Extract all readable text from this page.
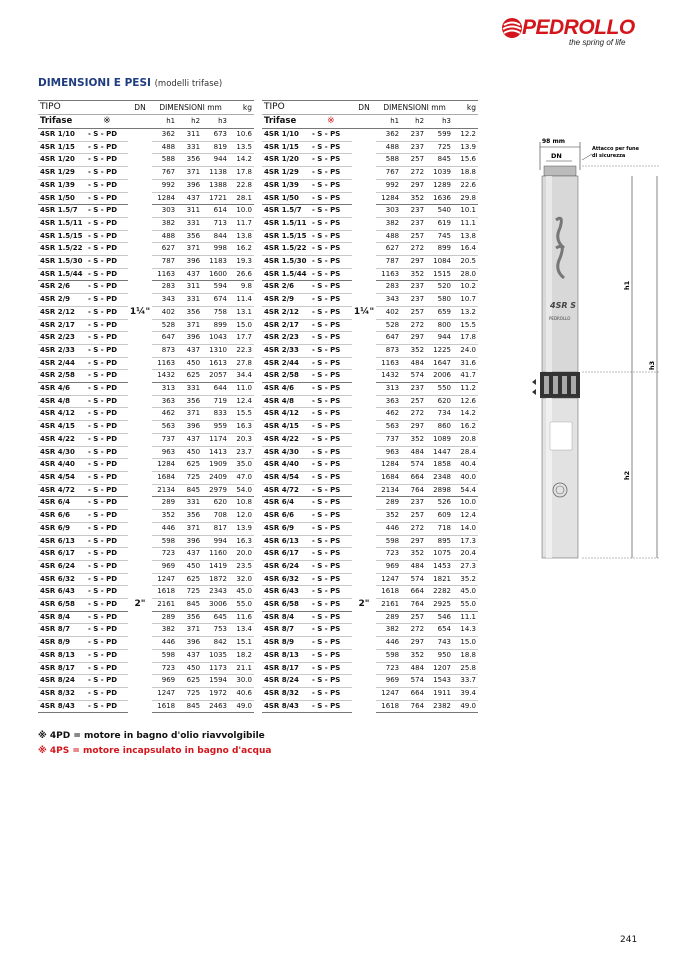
PEDROLLO
the spring of life
DIMENSIONI E PESI (modelli trifase)
TIPO		DN	DIMENSIONI mm			kg
Trifase	※		h1	h2	h3	
4SR 1/10	- S - PD		362	311	673	10.6
4SR 1/15	- S - PD		488	331	819	13.5
4SR 1/20	- S - PD		588	356	944	14.2
4SR 1/29	- S - PD		767	371	1138	17.8
4SR 1/39	- S - PD		992	396	1388	22.8
4SR 1/50	- S - PD		1284	437	1721	28.1
4SR 1.5/7	- S - PD		303	311	614	10.0
4SR 1.5/11	- S - PD		382	331	713	11.7
4SR 1.5/15	- S - PD		488	356	844	13.8
4SR 1.5/22	- S - PD		627	371	998	16.2
4SR 1.5/30	- S - PD		787	396	1183	19.3
4SR 1.5/44	- S - PD		1163	437	1600	26.6
4SR 2/6	- S - PD		283	311	594	9.8
4SR 2/9	- S - PD		343	331	674	11.4
4SR 2/12	- S - PD	1¼"	402	356	758	13.1
4SR 2/17	- S - PD		528	371	899	15.0
4SR 2/23	- S - PD		647	396	1043	17.7
4SR 2/33	- S - PD		873	437	1310	22.3
4SR 2/44	- S - PD		1163	450	1613	27.8
4SR 2/58	- S - PD		1432	625	2057	34.4
4SR 4/6	- S - PD		313	331	644	11.0
4SR 4/8	- S - PD		363	356	719	12.4
4SR 4/12	- S - PD		462	371	833	15.5
4SR 4/15	- S - PD		563	396	959	16.3
4SR 4/22	- S - PD		737	437	1174	20.3
4SR 4/30	- S - PD		963	450	1413	23.7
4SR 4/40	- S - PD		1284	625	1909	35.0
4SR 4/54	- S - PD		1684	725	2409	47.0
4SR 4/72	- S - PD		2134	845	2979	54.0
4SR 6/4	- S - PD		289	331	620	10.8
4SR 6/6	- S - PD		352	356	708	12.0
4SR 6/9	- S - PD		446	371	817	13.9
4SR 6/13	- S - PD		598	396	994	16.3
4SR 6/17	- S - PD		723	437	1160	20.0
4SR 6/24	- S - PD		969	450	1419	23.5
4SR 6/32	- S - PD		1247	625	1872	32.0
4SR 6/43	- S - PD		1618	725	2343	45.0
4SR 6/58	- S - PD	2"	2161	845	3006	55.0
4SR 8/4	- S - PD		289	356	645	11.6
4SR 8/7	- S - PD		382	371	753	13.4
4SR 8/9	- S - PD		446	396	842	15.1
4SR 8/13	- S - PD		598	437	1035	18.2
4SR 8/17	- S - PD		723	450	1173	21.1
4SR 8/24	- S - PD		969	625	1594	30.0
4SR 8/32	- S - PD		1247	725	1972	40.6
4SR 8/43	- S - PD		1618	845	2463	49.0
TIPO		DN	DIMENSIONI mm			kg
Trifase	※		h1	h2	h3	
4SR 1/10	- S - PS		362	237	599	12.2
4SR 1/15	- S - PS		488	237	725	13.9
4SR 1/20	- S - PS		588	257	845	15.6
4SR 1/29	- S - PS		767	272	1039	18.8
4SR 1/39	- S - PS		992	297	1289	22.6
4SR 1/50	- S - PS		1284	352	1636	29.8
4SR 1.5/7	- S - PS		303	237	540	10.1
4SR 1.5/11	- S - PS		382	237	619	11.1
4SR 1.5/15	- S - PS		488	257	745	13.8
4SR 1.5/22	- S - PS		627	272	899	16.4
4SR 1.5/30	- S - PS		787	297	1084	20.5
4SR 1.5/44	- S - PS		1163	352	1515	28.0
4SR 2/6	- S - PS		283	237	520	10.2
4SR 2/9	- S - PS		343	237	580	10.7
4SR 2/12	- S - PS	1¼"	402	257	659	13.2
4SR 2/17	- S - PS		528	272	800	15.5
4SR 2/23	- S - PS		647	297	944	17.8
4SR 2/33	- S - PS		873	352	1225	24.0
4SR 2/44	- S - PS		1163	484	1647	31.6
4SR 2/58	- S - PS		1432	574	2006	41.7
4SR 4/6	- S - PS		313	237	550	11.2
4SR 4/8	- S - PS		363	257	620	12.6
4SR 4/12	- S - PS		462	272	734	14.2
4SR 4/15	- S - PS		563	297	860	16.2
4SR 4/22	- S - PS		737	352	1089	20.8
4SR 4/30	- S - PS		963	484	1447	28.4
4SR 4/40	- S - PS		1284	574	1858	40.4
4SR 4/54	- S - PS		1684	664	2348	40.0
4SR 4/72	- S - PS		2134	764	2898	54.4
4SR 6/4	- S - PS		289	237	526	10.0
4SR 6/6	- S - PS		352	257	609	12.4
4SR 6/9	- S - PS		446	272	718	14.0
4SR 6/13	- S - PS		598	297	895	17.3
4SR 6/17	- S - PS		723	352	1075	20.4
4SR 6/24	- S - PS		969	484	1453	27.3
4SR 6/32	- S - PS		1247	574	1821	35.2
4SR 6/43	- S - PS		1618	664	2282	45.0
4SR 6/58	- S - PS	2"	2161	764	2925	55.0
4SR 8/4	- S - PS		289	257	546	11.1
4SR 8/7	- S - PS		382	272	654	14.3
4SR 8/9	- S - PS		446	297	743	15.0
4SR 8/13	- S - PS		598	352	950	18.8
4SR 8/17	- S - PS		723	484	1207	25.8
4SR 8/24	- S - PS		969	574	1543	33.7
4SR 8/32	- S - PS		1247	664	1911	39.4
4SR 8/43	- S - PS		1618	764	2382	49.0
98 mm
DN
Attacco per fune
di sicurezza
4SR S
PEDROLLO
h1
h3
h2
※ 4PD = motore in bagno d'olio riavvolgibile
※ 4PS = motore incapsulato in bagno d'acqua
241
